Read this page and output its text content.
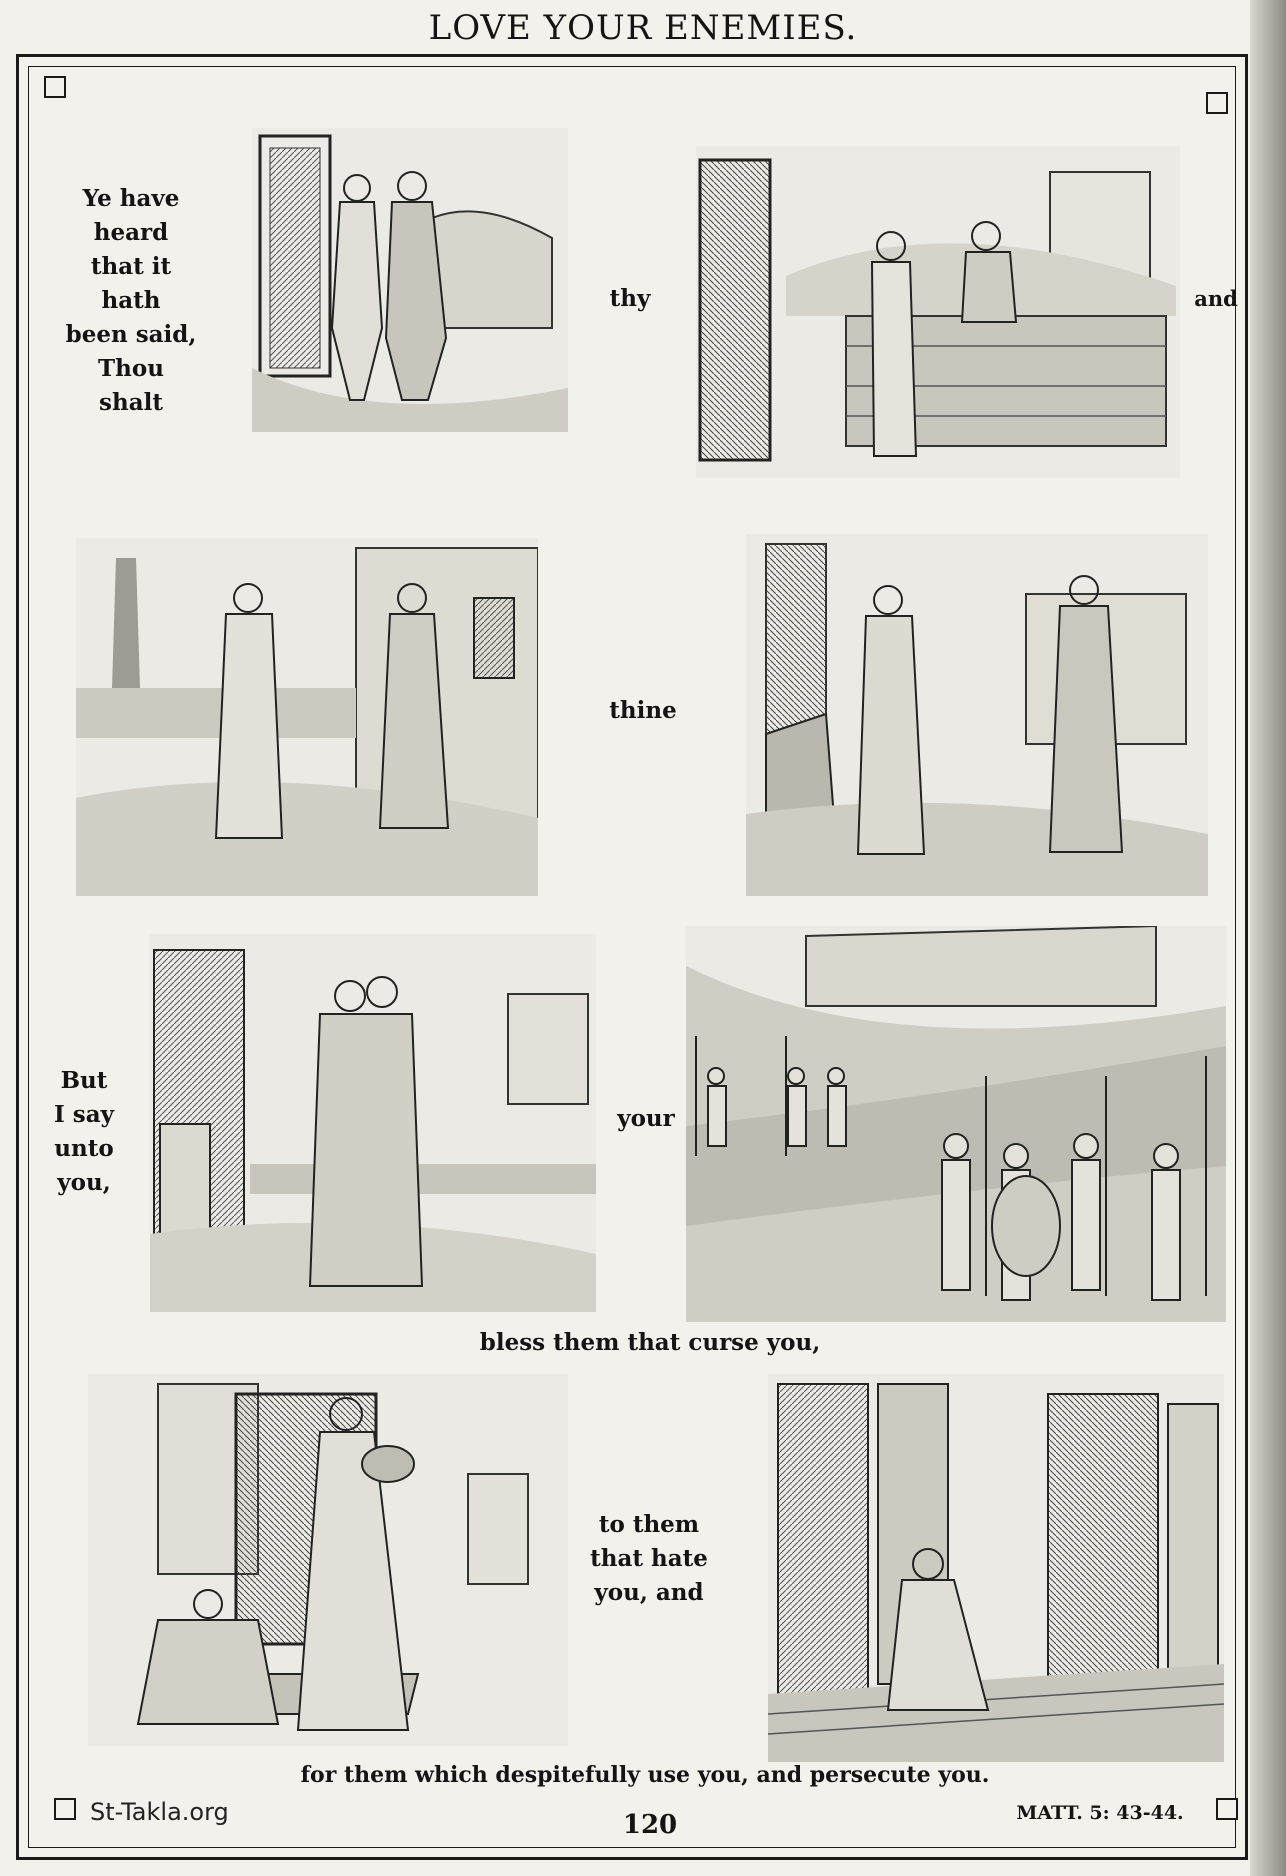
LOVE YOUR ENEMIES.
Ye have
heard
that it
hath
been said,
Thou
shalt
thy	and
thine
But
I say
unto you,
your
bless them that curse you,
to them
that hate
you, and
for them which despitefully use you, and persecute you.
St-Takla.org	120	MATT. 5: 43-44.
